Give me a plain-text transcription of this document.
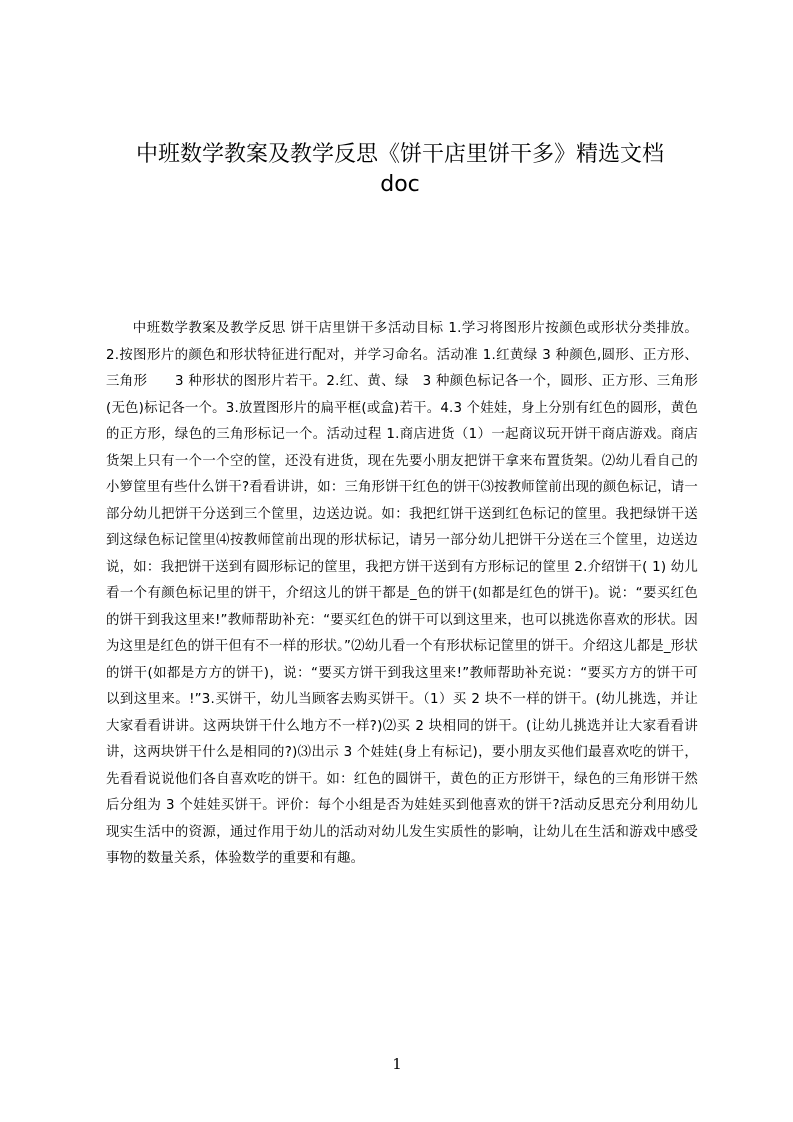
中班数学教案及教学反思《饼干店里饼干多》精选文档
doc

中班数学教案及教学反思 饼干店里饼干多活动目标 1.学习将图形片按颜色或形状分类排放。2.按图形片的颜色和形状特征进行配对，并学习命名。活动准 1.红黄绿 3 种颜色,圆形、正方形、三角形　　3 种形状的图形片若干。2.红、黄、绿　3 种颜色标记各一个，圆形、正方形、三角形(无色)标记各一个。3.放置图形片的扁平框(或盒)若干。4.3 个娃娃，身上分别有红色的圆形，黄色的正方形，绿色的三角形标记一个。活动过程 1.商店进货（1）一起商议玩开饼干商店游戏。商店货架上只有一个一个空的筐，还没有进货，现在先要小朋友把饼干拿来布置货架。⑵幼儿看自己的小箩筐里有些什么饼干?看看讲讲，如：三角形饼干红色的饼干⑶按教师筐前出现的颜色标记，请一部分幼儿把饼干分送到三个筐里，边送边说。如：我把红饼干送到红色标记的筐里。我把绿饼干送到这绿色标记筐里⑷按教师筐前出现的形状标记，请另一部分幼儿把饼干分送在三个筐里，边送边说，如：我把饼干送到有圆形标记的筐里，我把方饼干送到有方形标记的筐里 2.介绍饼干( 1) 幼儿看一个有颜色标记里的饼干，介绍这儿的饼干都是_色的饼干(如都是红色的饼干)。说：“要买红色的饼干到我这里来!”教师帮助补充：“要买红色的饼干可以到这里来，也可以挑选你喜欢的形状。因为这里是红色的饼干但有不一样的形状。”⑵幼儿看一个有形状标记筐里的饼干。介绍这儿都是_形状的饼干(如都是方方的饼干)，说：“要买方饼干到我这里来!”教师帮助补充说：“要买方方的饼干可以到这里来。!”3.买饼干，幼儿当顾客去购买饼干。（1）买 2 块不一样的饼干。(幼儿挑选，并让大家看看讲讲。这两块饼干什么地方不一样?)⑵买 2 块相同的饼干。(让幼儿挑选并让大家看看讲讲，这两块饼干什么是相同的?)⑶出示 3 个娃娃(身上有标记)，要小朋友买他们最喜欢吃的饼干，先看看说说他们各自喜欢吃的饼干。如：红色的圆饼干，黄色的正方形饼干，绿色的三角形饼干然后分组为 3 个娃娃买饼干。评价：每个小组是否为娃娃买到他喜欢的饼干?活动反思充分利用幼儿现实生活中的资源，通过作用于幼儿的活动对幼儿发生实质性的影响，让幼儿在生活和游戏中感受事物的数量关系，体验数学的重要和有趣。

1
